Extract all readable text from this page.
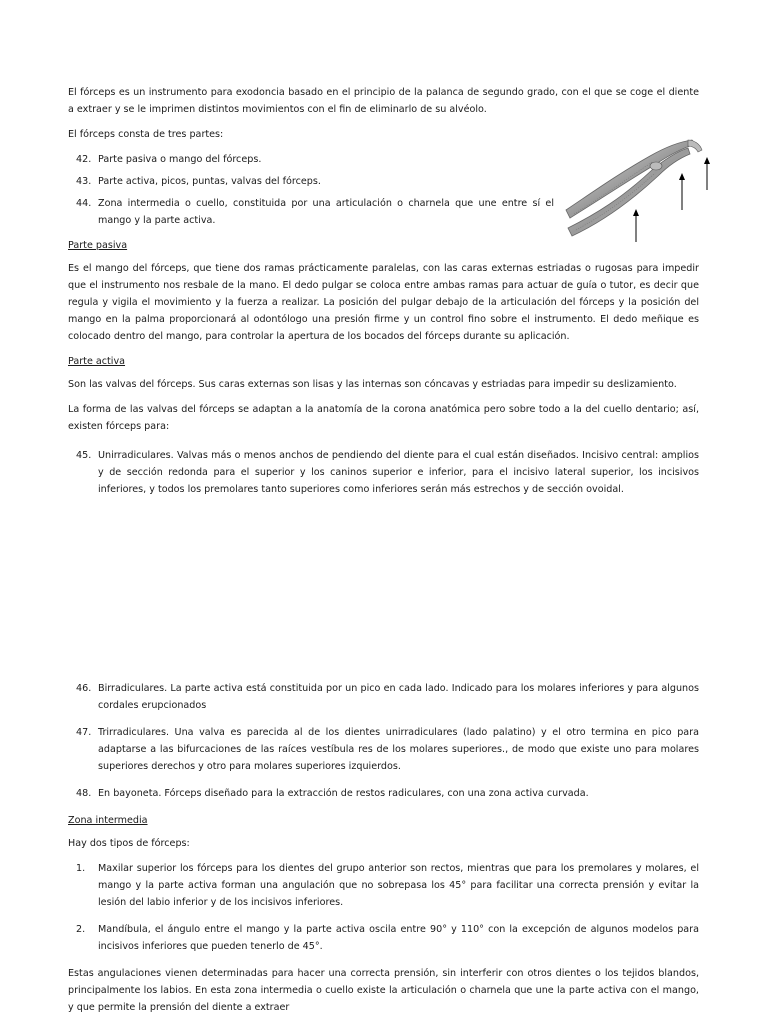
El fórceps es un instrumento para exodoncia basado en el principio de la palanca de segundo grado, con el que se coge el diente a extraer y se le imprimen distintos movimientos con el fin de eliminarlo de su alvéolo.

El fórceps consta de tres partes:

42. Parte pasiva o mango del fórceps.
43. Parte activa, picos, puntas, valvas del fórceps.
44. Zona intermedia o cuello, constituida por una articulación o charnela que une entre sí el mango y la parte activa.

Parte pasiva

Es el mango del fórceps, que tiene dos ramas prácticamente paralelas, con las caras externas estriadas o rugosas para impedir que el instrumento nos resbale de la mano. El dedo pulgar se coloca entre ambas ramas para actuar de guía o tutor, es decir que regula y vigila el movimiento y la fuerza a realizar. La posición del pulgar debajo de la articulación del fórceps y la posición del mango en la palma proporcionará al odontólogo una presión firme y un control fino sobre el instrumento. El dedo meñique es colocado dentro del mango, para controlar la apertura de los bocados del fórceps durante su aplicación.

Parte activa

Son las valvas del fórceps. Sus caras externas son lisas y las internas son cóncavas y estriadas para impedir su deslizamiento.

La forma de las valvas del fórceps se adaptan a la anatomía de la corona anatómica pero sobre todo a la del cuello dentario; así, existen fórceps para:

45. Unirradiculares. Valvas más o menos anchos de pendiendo del diente para el cual están diseñados. Incisivo central: amplios y de sección redonda para el superior y los caninos superior e inferior, para el incisivo lateral superior, los incisivos inferiores, y todos los premolares tanto superiores como inferiores serán más estrechos y de sección ovoidal.
46. Birradiculares. La parte activa está constituida por un pico en cada lado. Indicado para los molares inferiores y para algunos cordales erupcionados
47. Trirradiculares. Una valva es parecida al de los dientes unirradiculares (lado palatino) y el otro termina en pico para adaptarse a las bifurcaciones de las raíces vestíbula res de los molares superiores., de modo que existe uno para molares superiores derechos y otro para molares superiores izquierdos.
48. En bayoneta. Fórceps diseñado para la extracción de restos radiculares, con una zona activa curvada.

Zona intermedia

Hay dos tipos de fórceps:

1. Maxilar superior los fórceps para los dientes del grupo anterior son rectos, mientras que para los premolares y molares, el mango y la parte activa forman una angulación que no sobrepasa los 45° para facilitar una correcta prensión y evitar la lesión del labio inferior y de los incisivos inferiores.
2. Mandíbula, el ángulo entre el mango y la parte activa oscila entre 90° y 110° con la excepción de algunos modelos para incisivos inferiores que pueden tenerlo de 45°.

Estas angulaciones vienen determinadas para hacer una correcta prensión, sin interferir con otros dientes o los tejidos blandos, principalmente los labios. En esta zona intermedia o cuello existe la articulación o charnela que une la parte activa con el mango, y que permite la prensión del diente a extraer
